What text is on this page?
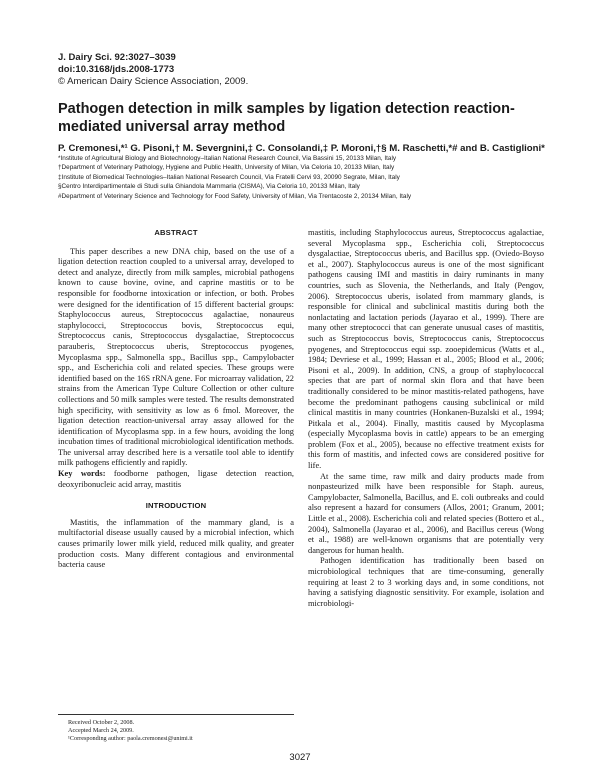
J. Dairy Sci. 92:3027–3039
doi:10.3168/jds.2008-1773
© American Dairy Science Association, 2009.
Pathogen detection in milk samples by ligation detection reaction-mediated universal array method
P. Cremonesi,*¹ G. Pisoni,† M. Severgnini,‡ C. Consolandi,‡ P. Moroni,†§ M. Raschetti,*# and B. Castiglioni*
*Institute of Agricultural Biology and Biotechnology–Italian National Research Council, Via Bassini 15, 20133 Milan, Italy
†Department of Veterinary Pathology, Hygiene and Public Health, University of Milan, Via Celoria 10, 20133 Milan, Italy
‡Institute of Biomedical Technologies–Italian National Research Council, Via Fratelli Cervi 93, 20090 Segrate, Milan, Italy
§Centro Interdipartimentale di Studi sulla Ghiandola Mammaria (CISMA), Via Celoria 10, 20133 Milan, Italy
#Department of Veterinary Science and Technology for Food Safety, University of Milan, Via Trentacoste 2, 20134 Milan, Italy
ABSTRACT

This paper describes a new DNA chip, based on the use of a ligation detection reaction coupled to a universal array, developed to detect and analyze, directly from milk samples, microbial pathogens known to cause bovine, ovine, and caprine mastitis or to be responsible for foodborne intoxication or infection, or both. Probes were designed for the identification of 15 different bacterial groups: Staphylococcus aureus, Streptococcus agalactiae, nonaureus staphylococci, Streptococcus bovis, Streptococcus equi, Streptococcus canis, Streptococcus dysgalactiae, Streptococcus parauberis, Streptococcus uberis, Streptococcus pyogenes, Mycoplasma spp., Salmonella spp., Bacillus spp., Campylobacter spp., and Escherichia coli and related species. These groups were identified based on the 16S rRNA gene. For microarray validation, 22 strains from the American Type Culture Collection or other culture collections and 50 milk samples were tested. The results demonstrated high specificity, with sensitivity as low as 6 fmol. Moreover, the ligation detection reaction-universal array assay allowed for the identification of Mycoplasma spp. in a few hours, avoiding the long incubation times of traditional microbiological identification methods. The universal array described here is a versatile tool able to identify milk pathogens efficiently and rapidly.

Key words: foodborne pathogen, ligase detection reaction, deoxyribonucleic acid array, mastitis

INTRODUCTION

Mastitis, the inflammation of the mammary gland, is a multifactorial disease usually caused by a microbial infection, which causes primarily lower milk yield, reduced milk quality, and greater production costs. Many different contagious and environmental bacteria cause

mastitis, including Staphylococcus aureus, Streptococcus agalactiae, several Mycoplasma spp., Escherichia coli, Streptococcus dysgalactiae, Streptococcus uberis, and Bacillus spp. (Oviedo-Boyso et al., 2007). Staphylococcus aureus is one of the most significant pathogens causing IMI and mastitis in dairy ruminants in many countries, such as Slovenia, the Netherlands, and Italy (Pengov, 2006). Streptococcus uberis, isolated from mammary glands, is responsible for clinical and subclinical mastitis during both the nonlactating and lactation periods (Jayarao et al., 1999). There are many other streptococci that can generate unusual cases of mastitis, such as Streptococcus bovis, Streptococcus canis, Streptococcus pyogenes, and Streptococcus equi ssp. zooepidemicus (Watts et al., 1984; Devriese et al., 1999; Hassan et al., 2005; Blood et al., 2006; Pisoni et al., 2009). In addition, CNS, a group of staphylococcal species that are part of normal skin flora and that have been traditionally considered to be minor mastitis-related pathogens, have become the predominant pathogens causing subclinical or mild clinical mastitis in many countries (Honkanen-Buzalski et al., 1994; Pitkala et al., 2004). Finally, mastitis caused by Mycoplasma (especially Mycoplasma bovis in cattle) appears to be an emerging problem (Fox et al., 2005), because no effective treatment exists for this form of mastitis, and infected cows are considered positive for life.

At the same time, raw milk and dairy products made from nonpasteurized milk have been responsible for Staph. aureus, Campylobacter, Salmonella, Bacillus, and E. coli outbreaks and could also represent a hazard for consumers (Allos, 2001; Granum, 2001; Little et al., 2008). Escherichia coli and related species (Bottero et al., 2004), Salmonella (Jayarao et al., 2006), and Bacillus cereus (Wong et al., 1988) are well-known organisms that are potentially very dangerous for human health.

Pathogen identification has traditionally been based on microbiological techniques that are time-consuming, generally requiring at least 2 to 3 working days and, in some conditions, not having a satisfying diagnostic sensitivity. For example, isolation and microbiologi-

Received October 2, 2008.
Accepted March 24, 2009.
¹Corresponding author: paola.cremonesi@unimi.it
3027
